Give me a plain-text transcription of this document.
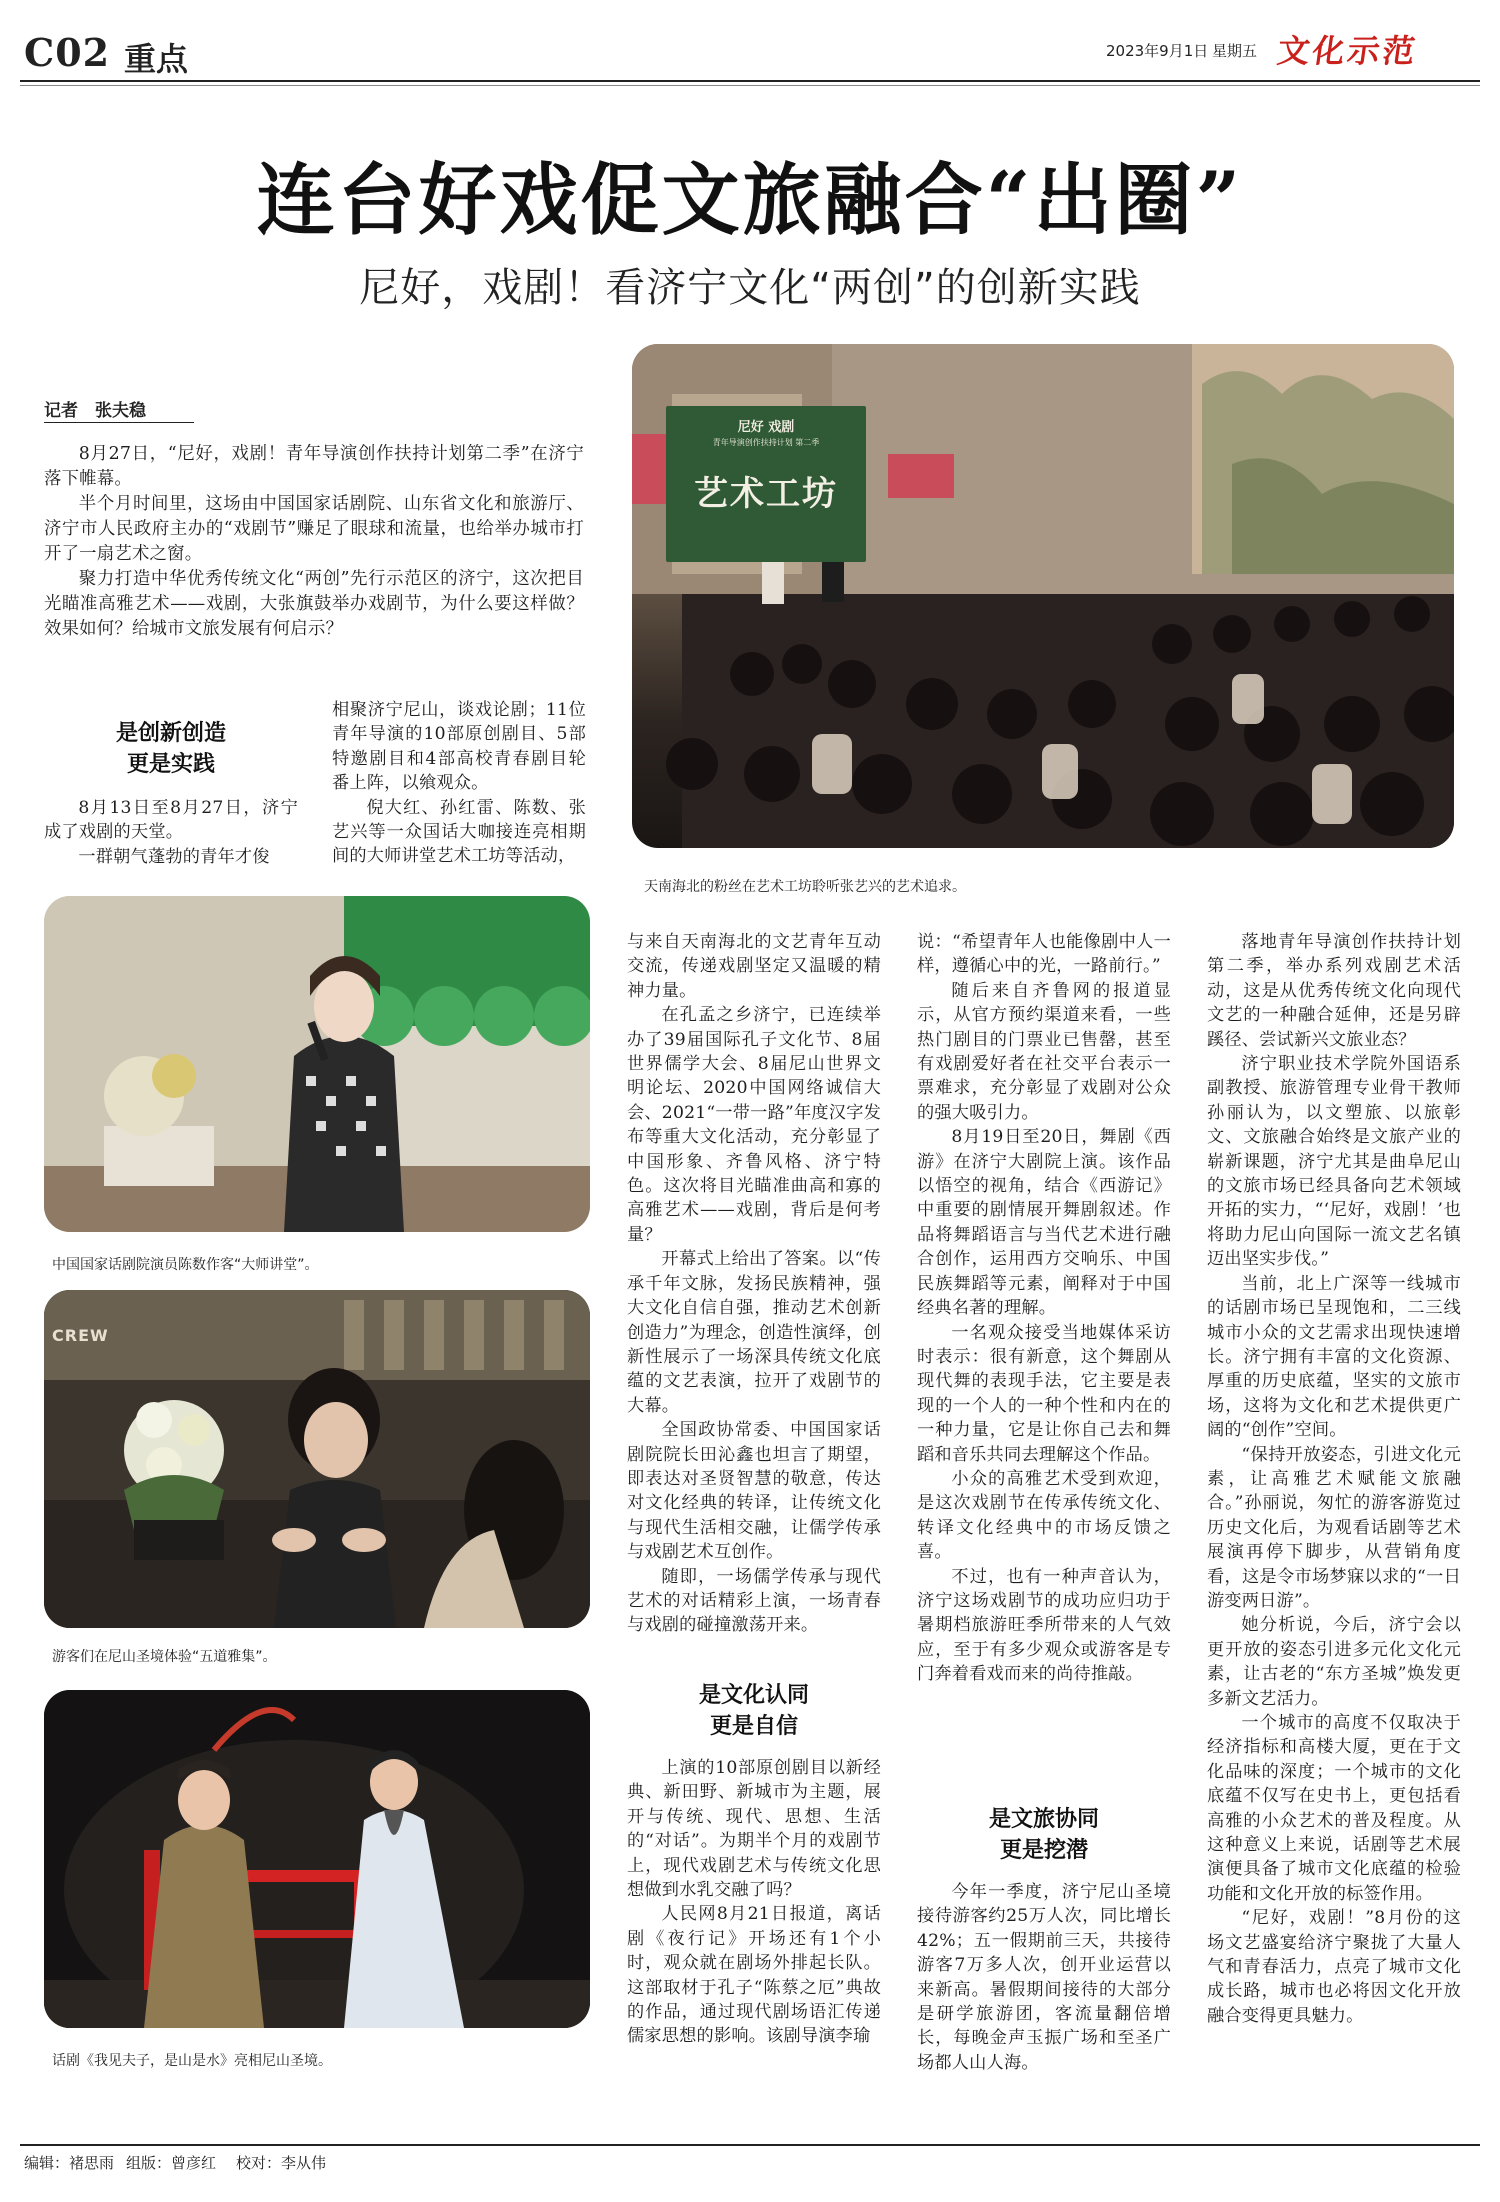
C02 重点	2023年9月1日 星期五 文化示范
连台好戏促文旅融合“出圈”
尼好，戏剧！看济宁文化“两创”的创新实践
记者　张夫稳

8月27日，“尼好，戏剧！青年导演创作扶持计划第二季”在济宁落下帷幕。

半个月时间里，这场由中国国家话剧院、山东省文化和旅游厅、济宁市人民政府主办的“戏剧节”赚足了眼球和流量，也给举办城市打开了一扇艺术之窗。

聚力打造中华优秀传统文化“两创”先行示范区的济宁，这次把目光瞄准高雅艺术——戏剧，大张旗鼓举办戏剧节，为什么要这样做？效果如何？给城市文旅发展有何启示？

尼好 戏剧
青年导演创作扶持计划 第二季
艺术工坊
天南海北的粉丝在艺术工坊聆听张艺兴的艺术追求。
是创新创造
更是实践

8月13日至8月27日，济宁成了戏剧的天堂。

一群朝气蓬勃的青年才俊

相聚济宁尼山，谈戏论剧；11位青年导演的10部原创剧目、5部特邀剧目和4部高校青春剧目轮番上阵，以飨观众。

倪大红、孙红雷、陈数、张艺兴等一众国话大咖接连亮相期间的大师讲堂艺术工坊等活动，

中国国家话剧院演员陈数作客“大师讲堂”。
CREW
游客们在尼山圣境体验“五道雅集”。
话剧《我见夫子，是山是水》亮相尼山圣境。

与来自天南海北的文艺青年互动交流，传递戏剧坚定又温暖的精神力量。

在孔孟之乡济宁，已连续举办了39届国际孔子文化节、8届世界儒学大会、8届尼山世界文明论坛、2020中国网络诚信大会、2021“一带一路”年度汉字发布等重大文化活动，充分彰显了中国形象、齐鲁风格、济宁特色。这次将目光瞄准曲高和寡的高雅艺术——戏剧，背后是何考量？

开幕式上给出了答案。以“传承千年文脉，发扬民族精神，强大文化自信自强，推动艺术创新创造力”为理念，创造性演绎，创新性展示了一场深具传统文化底蕴的文艺表演，拉开了戏剧节的大幕。

全国政协常委、中国国家话剧院院长田沁鑫也坦言了期望，即表达对圣贤智慧的敬意，传达对文化经典的转译，让传统文化与现代生活相交融，让儒学传承与戏剧艺术互创作。

随即，一场儒学传承与现代艺术的对话精彩上演，一场青春与戏剧的碰撞激荡开来。

是文化认同
更是自信

上演的10部原创剧目以新经典、新田野、新城市为主题，展开与传统、现代、思想、生活的“对话”。为期半个月的戏剧节上，现代戏剧艺术与传统文化思想做到水乳交融了吗？

人民网8月21日报道，离话剧《夜行记》开场还有1个小时，观众就在剧场外排起长队。这部取材于孔子“陈蔡之厄”典故的作品，通过现代剧场语汇传递儒家思想的影响。该剧导演李瑜

说：“希望青年人也能像剧中人一样，遵循心中的光，一路前行。”

随后来自齐鲁网的报道显示，从官方预约渠道来看，一些热门剧目的门票业已售罄，甚至有戏剧爱好者在社交平台表示一票难求，充分彰显了戏剧对公众的强大吸引力。

8月19日至20日，舞剧《西游》在济宁大剧院上演。该作品以悟空的视角，结合《西游记》中重要的剧情展开舞剧叙述。作品将舞蹈语言与当代艺术进行融合创作，运用西方交响乐、中国民族舞蹈等元素，阐释对于中国经典名著的理解。

一名观众接受当地媒体采访时表示：很有新意，这个舞剧从现代舞的表现手法，它主要是表现的一个人的一种个性和内在的一种力量，它是让你自己去和舞蹈和音乐共同去理解这个作品。

小众的高雅艺术受到欢迎，是这次戏剧节在传承传统文化、转译文化经典中的市场反馈之喜。

不过，也有一种声音认为，济宁这场戏剧节的成功应归功于暑期档旅游旺季所带来的人气效应，至于有多少观众或游客是专门奔着看戏而来的尚待推敲。

是文旅协同
更是挖潜

今年一季度，济宁尼山圣境接待游客约25万人次，同比增长42%；五一假期前三天，共接待游客7万多人次，创开业运营以来新高。暑假期间接待的大部分是研学旅游团，客流量翻倍增长，每晚金声玉振广场和至圣广场都人山人海。

落地青年导演创作扶持计划第二季，举办系列戏剧艺术活动，这是从优秀传统文化向现代文艺的一种融合延伸，还是另辟蹊径、尝试新兴文旅业态？

济宁职业技术学院外国语系副教授、旅游管理专业骨干教师孙丽认为，以文塑旅、以旅彰文、文旅融合始终是文旅产业的崭新课题，济宁尤其是曲阜尼山的文旅市场已经具备向艺术领域开拓的实力，“‘尼好，戏剧！’也将助力尼山向国际一流文艺名镇迈出坚实步伐。”

当前，北上广深等一线城市的话剧市场已呈现饱和，二三线城市小众的文艺需求出现快速增长。济宁拥有丰富的文化资源、厚重的历史底蕴，坚实的文旅市场，这将为文化和艺术提供更广阔的“创作”空间。

“保持开放姿态，引进文化元素，让高雅艺术赋能文旅融合。”孙丽说，匆忙的游客游览过历史文化后，为观看话剧等艺术展演再停下脚步，从营销角度看，这是令市场梦寐以求的“一日游变两日游”。

她分析说，今后，济宁会以更开放的姿态引进多元化文化元素，让古老的“东方圣城”焕发更多新文艺活力。

一个城市的高度不仅取决于经济指标和高楼大厦，更在于文化品味的深度；一个城市的文化底蕴不仅写在史书上，更包括看高雅的小众艺术的普及程度。从这种意义上来说，话剧等艺术展演便具备了城市文化底蕴的检验功能和文化开放的标签作用。

“尼好，戏剧！”8月份的这场文艺盛宴给济宁聚拢了大量人气和青春活力，点亮了城市文化成长路，城市也必将因文化开放融合变得更具魅力。

编辑：褚思雨 组版：曾彦红 校对：李从伟
